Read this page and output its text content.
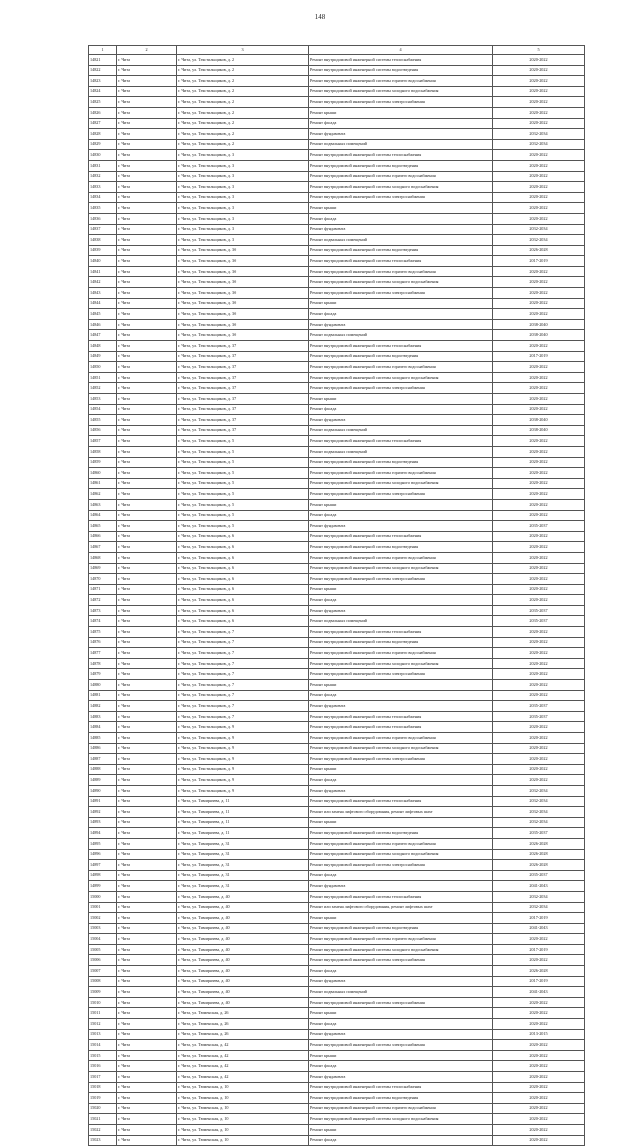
148
1	2	3	4	5
14821	г. Чита	г. Чита, ул. Текстильщиков, д. 2	Ремонт внутридомовой инженерной системы теплоснабжения	2020-2022
14822	г. Чита	г. Чита, ул. Текстильщиков, д. 2	Ремонт внутридомовой инженерной системы водоотведения	2020-2022
14823	г. Чита	г. Чита, ул. Текстильщиков, д. 2	Ремонт внутридомовой инженерной системы горячего водоснабжения	2020-2022
14824	г. Чита	г. Чита, ул. Текстильщиков, д. 2	Ремонт внутридомовой инженерной системы холодного водоснабжения	2020-2022
14825	г. Чита	г. Чита, ул. Текстильщиков, д. 2	Ремонт внутридомовой инженерной системы электроснабжения	2020-2022
14826	г. Чита	г. Чита, ул. Текстильщиков, д. 2	Ремонт крыши	2020-2022
14827	г. Чита	г. Чита, ул. Текстильщиков, д. 2	Ремонт фасада	2020-2022
14828	г. Чита	г. Чита, ул. Текстильщиков, д. 2	Ремонт фундамента	2032-2034
14829	г. Чита	г. Чита, ул. Текстильщиков, д. 2	Ремонт подвальных помещений	2032-2034
14830	г. Чита	г. Чита, ул. Текстильщиков, д. 3	Ремонт внутридомовой инженерной системы теплоснабжения	2020-2022
14831	г. Чита	г. Чита, ул. Текстильщиков, д. 3	Ремонт внутридомовой инженерной системы водоотведения	2020-2022
14832	г. Чита	г. Чита, ул. Текстильщиков, д. 3	Ремонт внутридомовой инженерной системы горячего водоснабжения	2020-2022
14833	г. Чита	г. Чита, ул. Текстильщиков, д. 3	Ремонт внутридомовой инженерной системы холодного водоснабжения	2020-2022
14834	г. Чита	г. Чита, ул. Текстильщиков, д. 3	Ремонт внутридомовой инженерной системы электроснабжения	2020-2022
14835	г. Чита	г. Чита, ул. Текстильщиков, д. 3	Ремонт крыши	2020-2022
14836	г. Чита	г. Чита, ул. Текстильщиков, д. 3	Ремонт фасада	2020-2022
14837	г. Чита	г. Чита, ул. Текстильщиков, д. 3	Ремонт фундамента	2032-2034
14838	г. Чита	г. Чита, ул. Текстильщиков, д. 3	Ремонт подвальных помещений	2032-2034
14839	г. Чита	г. Чита, ул. Текстильщиков, д. 3б	Ремонт внутридомовой инженерной системы водоотведения	2026-2028
14840	г. Чита	г. Чита, ул. Текстильщиков, д. 3б	Ремонт внутридомовой инженерной системы теплоснабжения	2017-2019
14841	г. Чита	г. Чита, ул. Текстильщиков, д. 3б	Ремонт внутридомовой инженерной системы горячего водоснабжения	2020-2022
14842	г. Чита	г. Чита, ул. Текстильщиков, д. 3б	Ремонт внутридомовой инженерной системы холодного водоснабжения	2020-2022
14843	г. Чита	г. Чита, ул. Текстильщиков, д. 3б	Ремонт внутридомовой инженерной системы электроснабжения	2020-2022
14844	г. Чита	г. Чита, ул. Текстильщиков, д. 3б	Ремонт крыши	2020-2022
14845	г. Чита	г. Чита, ул. Текстильщиков, д. 3б	Ремонт фасада	2020-2022
14846	г. Чита	г. Чита, ул. Текстильщиков, д. 3б	Ремонт фундамента	2038-2040
14847	г. Чита	г. Чита, ул. Текстильщиков, д. 3б	Ремонт подвальных помещений	2038-2040
14848	г. Чита	г. Чита, ул. Текстильщиков, д. 37	Ремонт внутридомовой инженерной системы теплоснабжения	2020-2022
14849	г. Чита	г. Чита, ул. Текстильщиков, д. 37	Ремонт внутридомовой инженерной системы водоотведения	2017-2019
14850	г. Чита	г. Чита, ул. Текстильщиков, д. 37	Ремонт внутридомовой инженерной системы горячего водоснабжения	2020-2022
14851	г. Чита	г. Чита, ул. Текстильщиков, д. 37	Ремонт внутридомовой инженерной системы холодного водоснабжения	2020-2022
14852	г. Чита	г. Чита, ул. Текстильщиков, д. 37	Ремонт внутридомовой инженерной системы электроснабжения	2020-2022
14853	г. Чита	г. Чита, ул. Текстильщиков, д. 37	Ремонт крыши	2020-2022
14854	г. Чита	г. Чита, ул. Текстильщиков, д. 37	Ремонт фасада	2020-2022
14855	г. Чита	г. Чита, ул. Текстильщиков, д. 37	Ремонт фундамента	2038-2040
14856	г. Чита	г. Чита, ул. Текстильщиков, д. 37	Ремонт подвальных помещений	2038-2040
14857	г. Чита	г. Чита, ул. Текстильщиков, д. 5	Ремонт внутридомовой инженерной системы теплоснабжения	2020-2022
14858	г. Чита	г. Чита, ул. Текстильщиков, д. 5	Ремонт подвальных помещений	2020-2022
14859	г. Чита	г. Чита, ул. Текстильщиков, д. 5	Ремонт внутридомовой инженерной системы водоотведения	2020-2022
14860	г. Чита	г. Чита, ул. Текстильщиков, д. 5	Ремонт внутридомовой инженерной системы горячего водоснабжения	2020-2022
14861	г. Чита	г. Чита, ул. Текстильщиков, д. 5	Ремонт внутридомовой инженерной системы холодного водоснабжения	2020-2022
14862	г. Чита	г. Чита, ул. Текстильщиков, д. 5	Ремонт внутридомовой инженерной системы электроснабжения	2020-2022
14863	г. Чита	г. Чита, ул. Текстильщиков, д. 5	Ремонт крыши	2020-2022
14864	г. Чита	г. Чита, ул. Текстильщиков, д. 5	Ремонт фасада	2020-2022
14865	г. Чита	г. Чита, ул. Текстильщиков, д. 5	Ремонт фундамента	2035-2037
14866	г. Чита	г. Чита, ул. Текстильщиков, д. 6	Ремонт внутридомовой инженерной системы теплоснабжения	2020-2022
14867	г. Чита	г. Чита, ул. Текстильщиков, д. 6	Ремонт внутридомовой инженерной системы водоотведения	2020-2022
14868	г. Чита	г. Чита, ул. Текстильщиков, д. 6	Ремонт внутридомовой инженерной системы горячего водоснабжения	2020-2022
14869	г. Чита	г. Чита, ул. Текстильщиков, д. 6	Ремонт внутридомовой инженерной системы холодного водоснабжения	2020-2022
14870	г. Чита	г. Чита, ул. Текстильщиков, д. 6	Ремонт внутридомовой инженерной системы электроснабжения	2020-2022
14871	г. Чита	г. Чита, ул. Текстильщиков, д. 6	Ремонт крыши	2020-2022
14872	г. Чита	г. Чита, ул. Текстильщиков, д. 6	Ремонт фасада	2020-2022
14873	г. Чита	г. Чита, ул. Текстильщиков, д. 6	Ремонт фундамента	2035-2037
14874	г. Чита	г. Чита, ул. Текстильщиков, д. 6	Ремонт подвальных помещений	2035-2037
14875	г. Чита	г. Чита, ул. Текстильщиков, д. 7	Ремонт внутридомовой инженерной системы теплоснабжения	2020-2022
14876	г. Чита	г. Чита, ул. Текстильщиков, д. 7	Ремонт внутридомовой инженерной системы водоотведения	2020-2022
14877	г. Чита	г. Чита, ул. Текстильщиков, д. 7	Ремонт внутридомовой инженерной системы горячего водоснабжения	2020-2022
14878	г. Чита	г. Чита, ул. Текстильщиков, д. 7	Ремонт внутридомовой инженерной системы холодного водоснабжения	2020-2022
14879	г. Чита	г. Чита, ул. Текстильщиков, д. 7	Ремонт внутридомовой инженерной системы электроснабжения	2020-2022
14880	г. Чита	г. Чита, ул. Текстильщиков, д. 7	Ремонт крыши	2020-2022
14881	г. Чита	г. Чита, ул. Текстильщиков, д. 7	Ремонт фасада	2020-2022
14882	г. Чита	г. Чита, ул. Текстильщиков, д. 7	Ремонт фундамента	2035-2037
14883	г. Чита	г. Чита, ул. Текстильщиков, д. 7	Ремонт внутридомовой инженерной системы теплоснабжения	2035-2037
14884	г. Чита	г. Чита, ул. Текстильщиков, д. 9	Ремонт внутридомовой инженерной системы теплоснабжения	2020-2022
14885	г. Чита	г. Чита, ул. Текстильщиков, д. 9	Ремонт внутридомовой инженерной системы горячего водоснабжения	2020-2022
14886	г. Чита	г. Чита, ул. Текстильщиков, д. 9	Ремонт внутридомовой инженерной системы холодного водоснабжения	2020-2022
14887	г. Чита	г. Чита, ул. Текстильщиков, д. 9	Ремонт внутридомовой инженерной системы электроснабжения	2020-2022
14888	г. Чита	г. Чита, ул. Текстильщиков, д. 9	Ремонт крыши	2020-2022
14889	г. Чита	г. Чита, ул. Текстильщиков, д. 9	Ремонт фасада	2020-2022
14890	г. Чита	г. Чита, ул. Текстильщиков, д. 9	Ремонт фундамента	2032-2034
14891	г. Чита	г. Чита, ул. Тимирязева, д. 11	Ремонт внутридомовой инженерной системы теплоснабжения	2032-2034
14892	г. Чита	г. Чита, ул. Тимирязева, д. 11	Ремонт или замена лифтового оборудования, ремонт лифтовых шахт	2032-2034
14893	г. Чита	г. Чита, ул. Тимирязева, д. 11	Ремонт крыши	2032-2034
14894	г. Чита	г. Чита, ул. Тимирязева, д. 11	Ремонт внутридомовой инженерной системы водоотведения	2035-2037
14895	г. Чита	г. Чита, ул. Тимирязева, д. 31	Ремонт внутридомовой инженерной системы горячего водоснабжения	2026-2028
14896	г. Чита	г. Чита, ул. Тимирязева, д. 31	Ремонт внутридомовой инженерной системы холодного водоснабжения	2026-2028
14897	г. Чита	г. Чита, ул. Тимирязева, д. 31	Ремонт внутридомовой инженерной системы электроснабжения	2026-2028
14898	г. Чита	г. Чита, ул. Тимирязева, д. 31	Ремонт фасада	2035-2037
14899	г. Чита	г. Чита, ул. Тимирязева, д. 31	Ремонт фундамента	2041-2043
15000	г. Чита	г. Чита, ул. Тимирязева, д. 40	Ремонт внутридомовой инженерной системы теплоснабжения	2032-2034
15001	г. Чита	г. Чита, ул. Тимирязева, д. 40	Ремонт или замена лифтового оборудования, ремонт лифтовых шахт	2032-2034
15002	г. Чита	г. Чита, ул. Тимирязева, д. 40	Ремонт крыши	2017-2019
15003	г. Чита	г. Чита, ул. Тимирязева, д. 40	Ремонт внутридомовой инженерной системы водоотведения	2041-2043
15004	г. Чита	г. Чита, ул. Тимирязева, д. 40	Ремонт внутридомовой инженерной системы горячего водоснабжения	2020-2022
15005	г. Чита	г. Чита, ул. Тимирязева, д. 40	Ремонт внутридомовой инженерной системы холодного водоснабжения	2017-2019
15006	г. Чита	г. Чита, ул. Тимирязева, д. 40	Ремонт внутридомовой инженерной системы электроснабжения	2020-2022
15007	г. Чита	г. Чита, ул. Тимирязева, д. 40	Ремонт фасада	2026-2028
15008	г. Чита	г. Чита, ул. Тимирязева, д. 40	Ремонт фундамента	2017-2019
15009	г. Чита	г. Чита, ул. Тимирязева, д. 40	Ремонт подвальных помещений	2041-2043
15010	г. Чита	г. Чита, ул. Тимирязева, д. 40	Ремонт внутридомовой инженерной системы электроснабжения	2020-2022
15011	г. Чита	г. Чита, ул. Тюменская, д. 26	Ремонт крыши	2020-2022
15012	г. Чита	г. Чита, ул. Тюменская, д. 26	Ремонт фасада	2020-2022
15013	г. Чита	г. Чита, ул. Тюменская, д. 26	Ремонт фундамента	2013-2015
15014	г. Чита	г. Чита, ул. Тюменская, д. 42	Ремонт внутридомовой инженерной системы электроснабжения	2020-2022
15015	г. Чита	г. Чита, ул. Тюменская, д. 42	Ремонт крыши	2020-2022
15016	г. Чита	г. Чита, ул. Тюменская, д. 42	Ремонт фасада	2020-2022
15017	г. Чита	г. Чита, ул. Тюменская, д. 42	Ремонт фундамента	2020-2022
15018	г. Чита	г. Чита, ул. Тюменская, д. 10	Ремонт внутридомовой инженерной системы теплоснабжения	2020-2022
15019	г. Чита	г. Чита, ул. Тюменская, д. 10	Ремонт внутридомовой инженерной системы водоотведения	2020-2022
15020	г. Чита	г. Чита, ул. Тюменская, д. 10	Ремонт внутридомовой инженерной системы горячего водоснабжения	2020-2022
15021	г. Чита	г. Чита, ул. Тюменская, д. 10	Ремонт внутридомовой инженерной системы холодного водоснабжения	2020-2022
15022	г. Чита	г. Чита, ул. Тюменская, д. 10	Ремонт крыши	2020-2022
15023	г. Чита	г. Чита, ул. Тюменская, д. 10	Ремонт фасада	2020-2022
